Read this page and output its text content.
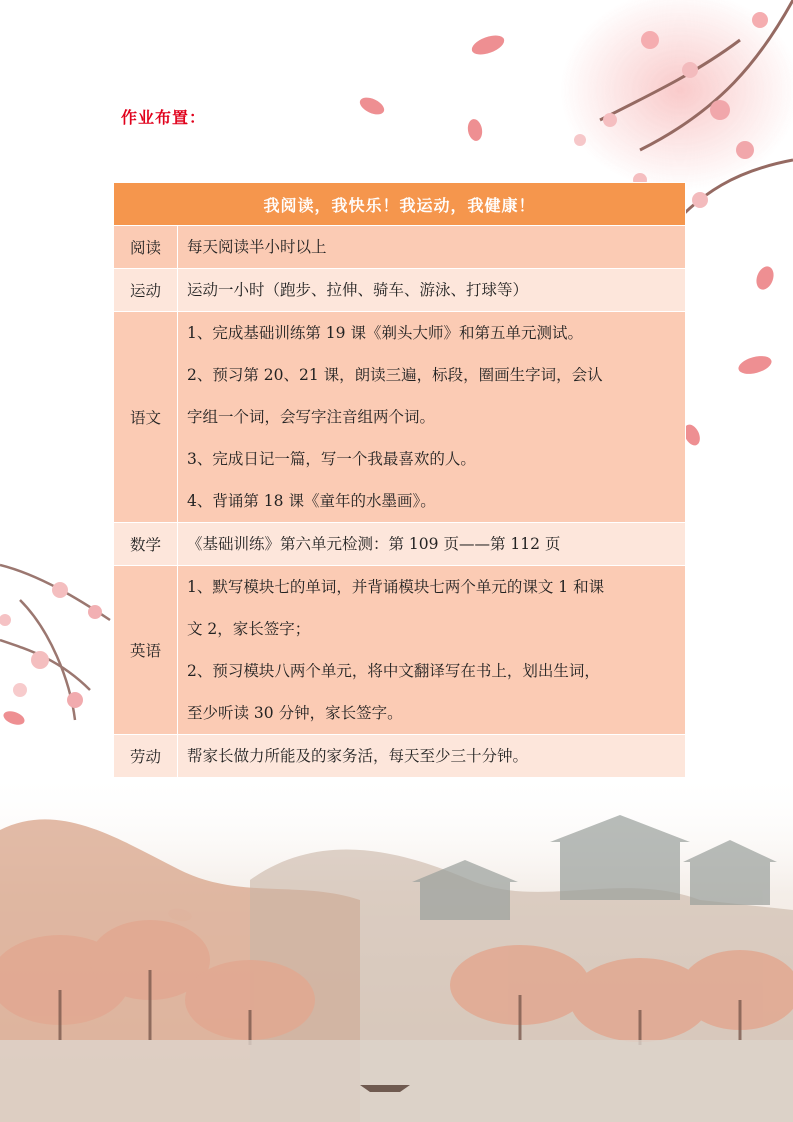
作业布置：
我阅读，我快乐！我运动，我健康！	
阅读	每天阅读半小时以上

运动	运动一小时（跑步、拉伸、骑车、游泳、打球等）

语文	1、完成基础训练第 19 课《剃头大师》和第五单元测试。
2、预习第 20、21 课，朗读三遍，标段，圈画生字词，会认
字组一个词，会写字注音组两个词。
3、完成日记一篇，写一个我最喜欢的人。
4、背诵第 18 课《童年的水墨画》。

数学	《基础训练》第六单元检测：第 109 页——第 112 页

英语	1、默写模块七的单词，并背诵模块七两个单元的课文 1 和课
文 2，家长签字；
2、预习模块八两个单元，将中文翻译写在书上，划出生词，
至少听读 30 分钟，家长签字。

劳动	帮家长做力所能及的家务活，每天至少三十分钟。
